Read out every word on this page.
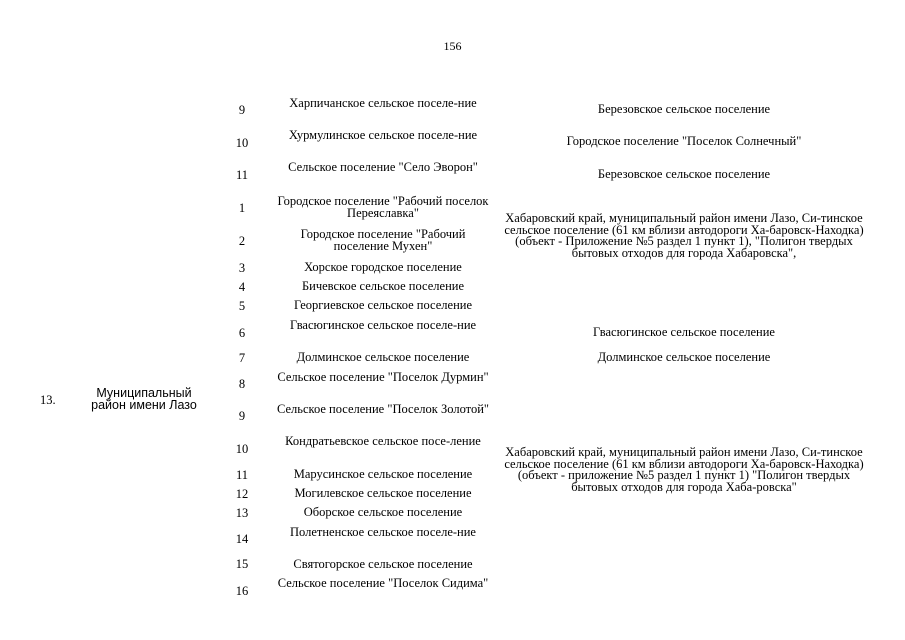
156
13.	Муниципальный район имени Лазо
9
10
11
1
2
3
4
5
6
7
8
9
10
11
12
13
14
15
16
Харпичанское сельское поселе-ние
Хурмулинское сельское поселе-ние
Сельское поселение "Село Эворон"
Городское поселение "Рабочий поселок Переяславка"
Городское поселение "Рабочий поселение Мухен"
Хорское городское поселение
Бичевское сельское поселение
Георгиевское сельское поселение
Гвасюгинское сельское поселе-ние
Долминское сельское поселение
Сельское поселение "Поселок Дурмин"
Сельское поселение "Поселок Золотой"
Кондратьевское сельское посе-ление
Марусинское сельское поселение
Могилевское сельское поселение
Оборское сельское поселение
Полетненское сельское поселе-ние
Святогорское сельское поселение
Сельское поселение "Поселок Сидима"
Березовское сельское поселение
Городское поселение "Поселок Солнечный"
Березовское сельское поселение
Хабаровский край, муниципальный район имени Лазо, Си-тинское сельское поселение (61 км вблизи автодороги Ха-баровск-Находка) (объект - Приложение №5 раздел 1 пункт 1), "Полигон твердых бытовых отходов для города Хабаровска",
Гвасюгинское сельское поселение
Долминское сельское поселение
Хабаровский край, муниципальный район имени Лазо, Си-тинское сельское поселение (61 км вблизи автодороги Ха-баровск-Находка) (объект - приложение №5 раздел 1 пункт 1) "Полигон твердых бытовых отходов для города Хаба-ровска"
